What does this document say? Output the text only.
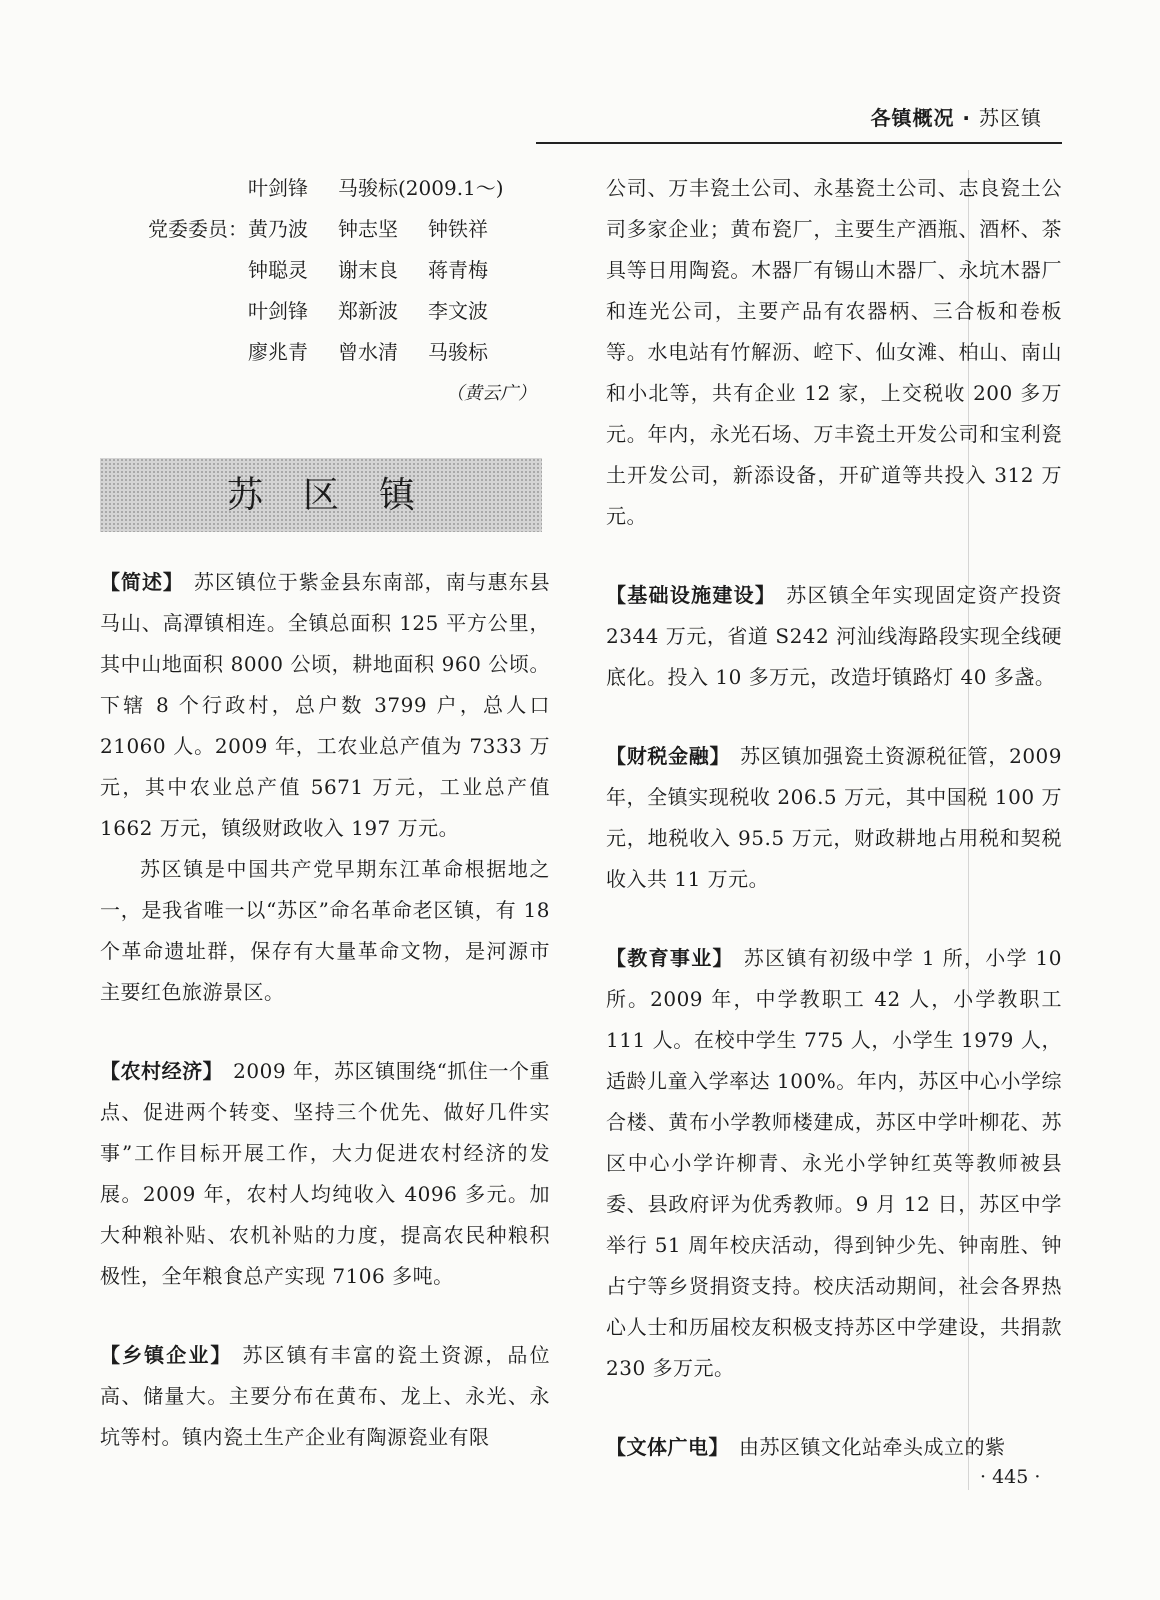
各镇概况 · 苏区镇
叶剑锋 马骏标(2009.1～)
党委委员：黄乃波 钟志坚 钟铁祥
钟聪灵 谢末良 蒋青梅
叶剑锋 郑新波 李文波
廖兆青 曾水清 马骏标
（黄云广）
苏区镇

【简述】 苏区镇位于紫金县东南部，南与惠东县马山、高潭镇相连。全镇总面积 125 平方公里，其中山地面积 8000 公顷，耕地面积 960 公顷。下辖 8 个行政村，总户数 3799 户，总人口 21060 人。2009 年，工农业总产值为 7333 万元，其中农业总产值 5671 万元，工业总产值 1662 万元，镇级财政收入 197 万元。

苏区镇是中国共产党早期东江革命根据地之一，是我省唯一以“苏区”命名革命老区镇，有 18 个革命遗址群，保存有大量革命文物，是河源市主要红色旅游景区。

【农村经济】 2009 年，苏区镇围绕“抓住一个重点、促进两个转变、坚持三个优先、做好几件实事”工作目标开展工作，大力促进农村经济的发展。2009 年，农村人均纯收入 4096 多元。加大种粮补贴、农机补贴的力度，提高农民种粮积极性，全年粮食总产实现 7106 多吨。

【乡镇企业】 苏区镇有丰富的瓷土资源，品位高、储量大。主要分布在黄布、龙上、永光、永坑等村。镇内瓷土生产企业有陶源瓷业有限

公司、万丰瓷土公司、永基瓷土公司、志良瓷土公司多家企业；黄布瓷厂，主要生产酒瓶、酒杯、茶具等日用陶瓷。木器厂有锡山木器厂、永坑木器厂和连光公司，主要产品有农器柄、三合板和卷板等。水电站有竹解沥、崆下、仙女滩、柏山、南山和小北等，共有企业 12 家，上交税收 200 多万元。年内，永光石场、万丰瓷土开发公司和宝利瓷土开发公司，新添设备，开矿道等共投入 312 万元。

【基础设施建设】 苏区镇全年实现固定资产投资 2344 万元，省道 S242 河汕线海路段实现全线硬底化。投入 10 多万元，改造圩镇路灯 40 多盏。

【财税金融】 苏区镇加强瓷土资源税征管，2009 年，全镇实现税收 206.5 万元，其中国税 100 万元，地税收入 95.5 万元，财政耕地占用税和契税收入共 11 万元。

【教育事业】 苏区镇有初级中学 1 所，小学 10 所。2009 年，中学教职工 42 人，小学教职工 111 人。在校中学生 775 人，小学生 1979 人，适龄儿童入学率达 100%。年内，苏区中心小学综合楼、黄布小学教师楼建成，苏区中学叶柳花、苏区中心小学许柳青、永光小学钟红英等教师被县委、县政府评为优秀教师。9 月 12 日，苏区中学举行 51 周年校庆活动，得到钟少先、钟南胜、钟占宁等乡贤捐资支持。校庆活动期间，社会各界热心人士和历届校友积极支持苏区中学建设，共捐款 230 多万元。

【文体广电】 由苏区镇文化站牵头成立的紫

· 445 ·
